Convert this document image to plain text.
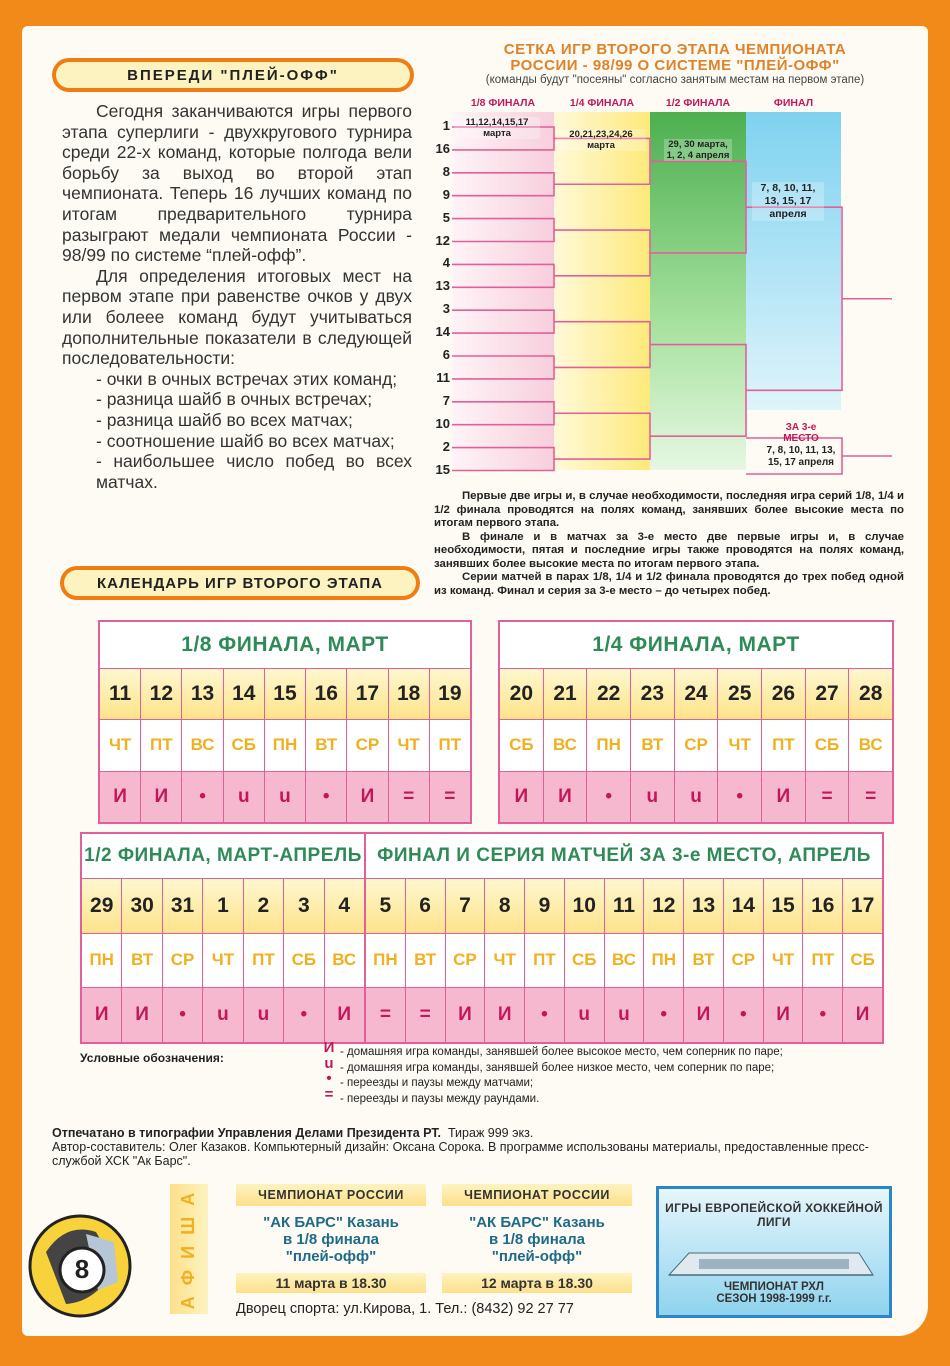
ВПЕРЕДИ "ПЛЕЙ-ОФФ"

Сегодня заканчиваются игры первого этапа суперлиги - двухкругового турнира среди 22-х команд, которые полгода вели борьбу за выход во второй этап чемпионата. Теперь 16 лучших команд по итогам предварительного турнира разыграют медали чемпионата России - 98/99 по системе “плей-офф”.

Для определения итоговых мест на первом этапе при равенстве очков у двух или болеее команд будут учитываться дополнительные показатели в следующей последовательности:

- очки в очных встречах этих команд;

- разница шайб в очных встречах;

- разница шайб во всех матчах;

- соотношение шайб во всех матчах;

- наибольшее число побед во всех матчах.

СЕТКА ИГР ВТОРОГО ЭТАПА ЧЕМПИОНАТА
РОССИИ - 98/99 О СИСТЕМЕ "ПЛЕЙ-ОФФ"
(команды будут "посеяны" согласно занятым местам на первом этапе)
1/8 ФИНАЛА	1/4 ФИНАЛА	1/2 ФИНАЛА	ФИНАЛ
1
16
8
9
5
12
4
13
3
14
6
11
7
10
2
15
11,12,14,15,17 марта	20,21,23,24,26 марта	29, 30 марта, 1, 2, 4 апреля
7, 8, 10, 11, 13, 15, 17 апреля
ЗА 3-е МЕСТО
7, 8, 10, 11, 13, 15, 17 апреля

Первые две игры и, в случае необходимости, последняя игра серий 1/8, 1/4 и 1/2 финала проводятся на полях команд, занявших более высокие места по итогам первого этапа.

В финале и в матчах за 3-е место две первые игры и, в случае необходимости, пятая и последние игры также проводятся на полях команд, занявших более высокие места по итогам первого этапа.

Серии матчей в парах 1/8, 1/4 и 1/2 финала проводятся до трех побед одной из команд. Финал и серия за 3-е место – до четырех побед.

КАЛЕНДАРЬ ИГР ВТОРОГО ЭТАПА
1/8 ФИНАЛА, МАРТ
11 12 13 14 15 16 17 18 19
ЧТ	ПТ	ВС	СБ ПН	ВТ	СР	ЧТ	ПТ
И	И	•	u	u	•	И	=	=
1/4 ФИНАЛА, МАРТ
20 21 22 23 24 25 26 27 28
СБ	ВС	ПН	ВТ	СР	ЧТ	ПТ	СБ	ВС
И	И	•	u	u	•	И	=	=
1/2 ФИНАЛА, МАРТ-АПРЕЛЬ
29 30 31	1	2	3	4
ПН	ВТ	СР	ЧТ	ПТ СБ ВС
И	И	•	u	u	•	И
ФИНАЛ И СЕРИЯ МАТЧЕЙ ЗА 3-е МЕСТО, АПРЕЛЬ
5	6	7	8	9	10 11 12 13 14 15 16 17
ПН ВТ СР ЧТ	ПТ СБ ВС ПН ВТ СР ЧТ	ПТ СБ
=	=	И	И	•	u	u	•	И	•	И	•	И
Условные обозначения:
И
u
•
=
- домашняя игра команды, занявшей более высокое место, чем соперник по паре;
- домашняя игра команды, занявшей более низкое место, чем соперник по паре;
- переезды и паузы между матчами;
- переезды и паузы между раундами.
Отпечатано в типографии Управления Делами Президента РТ. Тираж 999 экз.
Автор-составитель: Олег Казаков. Компьютерный дизайн: Оксана Сорока. В программе использованы материалы, предоставленные пресс-службой ХСК "Ак Барс".
8	А Ф И Ш А	ЧЕМПИОНАТ РОССИИ
"АК БАРС" Казань
в 1/8 финала
"плей-офф"
11 марта в 18.30
ЧЕМПИОНАТ РОССИИ
"АК БАРС" Казань
в 1/8 финала
"плей-офф"
12 марта в 18.30
Дворец спорта: ул.Кирова, 1. Тел.: (8432) 92 27 77
ИГРЫ ЕВРОПЕЙСКОЙ ХОККЕЙНОЙ ЛИГИ
ЧЕМПИОНАТ РХЛ
СЕЗОН 1998-1999 г.г.
